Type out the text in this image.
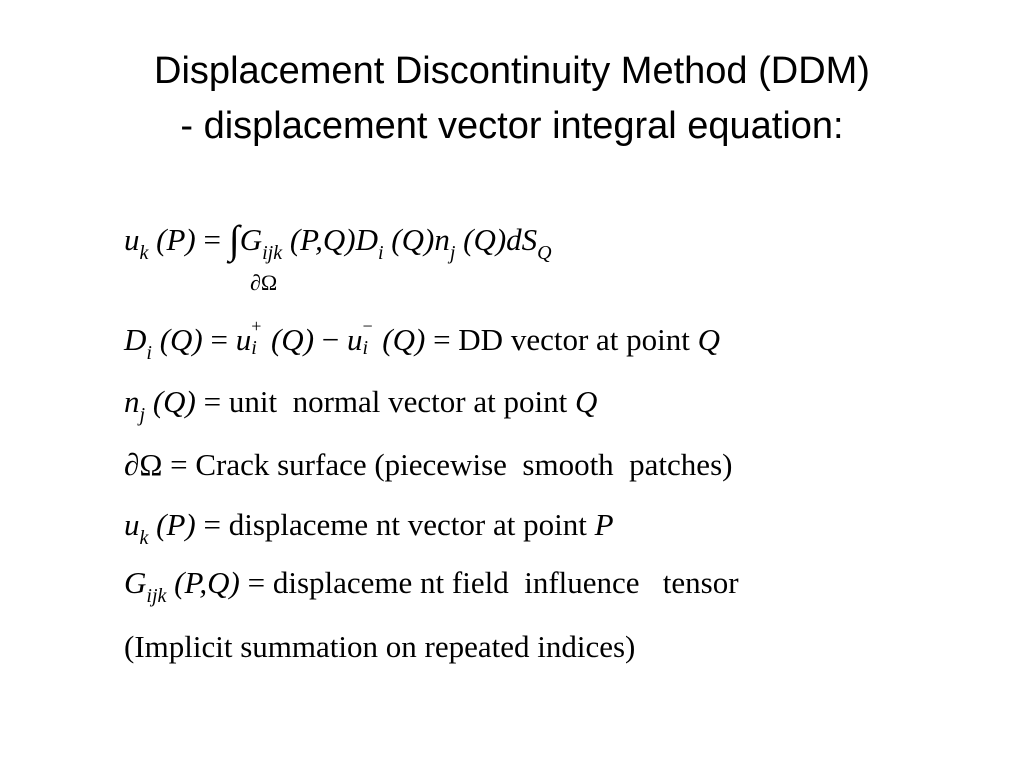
Displacement Discontinuity Method (DDM)
- displacement vector integral equation:
$u_k$ $(P) = \int G_{ijk}$ $(P,Q)D_i$ $(Q)n_j$ $(Q)dS_Q$
∂Ω
$D_i$ (Q) = u +
i (Q) − u −
i (Q) = DD vector at point Q
$n_j$ (Q) = unit  normal vector at point Q
∂Ω = Crack surface (piecewise  smooth  patches)
$u_k$ (P) = displaceme nt vector at point P
$G_{ijk}$ (P,Q) = displaceme nt field  influence   tensor
(Implicit summation on repeated indices)
